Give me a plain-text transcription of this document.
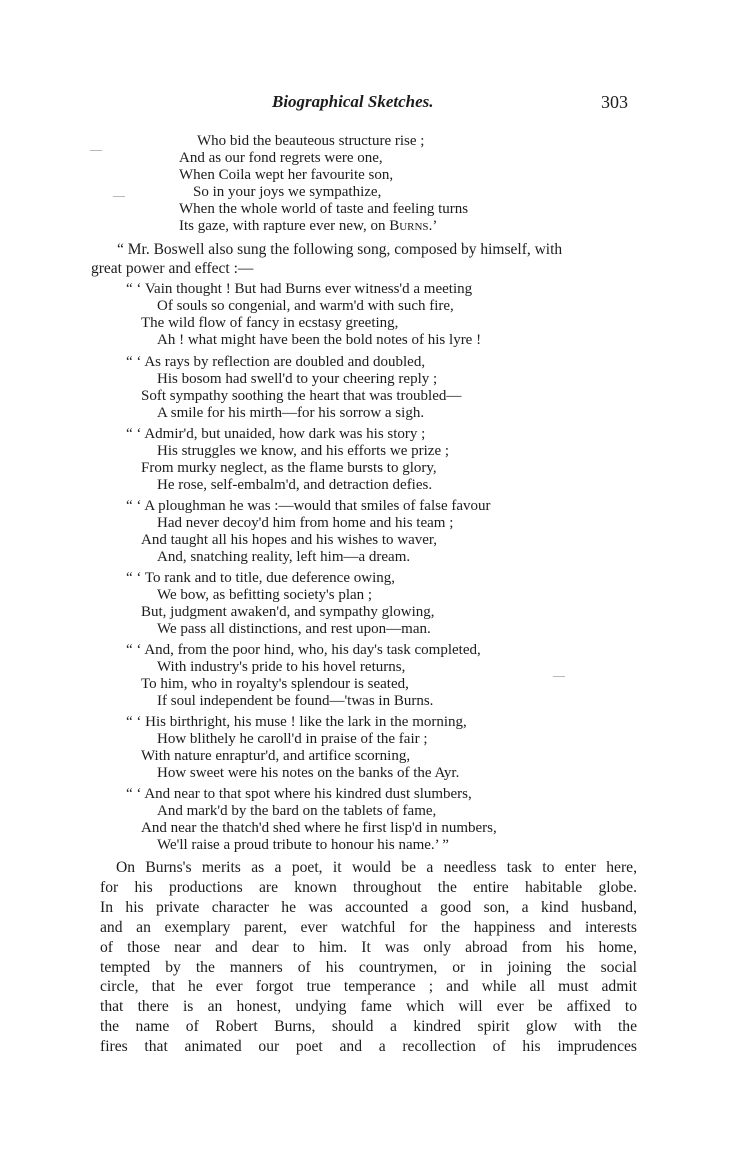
Biographical Sketches.	303
—
—
Who bid the beauteous structure rise ;
And as our fond regrets were one,
When Coila wept her favourite son,
So in your joys we sympathize,
When the whole world of taste and feeling turns
Its gaze, with rapture ever new, on Burns.’
“ Mr. Boswell also sung the following song, composed by himself, with
great power and effect :—
“ ‘ Vain thought ! But had Burns ever witness'd a meeting
Of souls so congenial, and warm'd with such fire,
The wild flow of fancy in ecstasy greeting,
Ah ! what might have been the bold notes of his lyre !
“ ‘ As rays by reflection are doubled and doubled,
His bosom had swell'd to your cheering reply ;
Soft sympathy soothing the heart that was troubled—
A smile for his mirth—for his sorrow a sigh.
“ ‘ Admir'd, but unaided, how dark was his story ;
His struggles we know, and his efforts we prize ;
From murky neglect, as the flame bursts to glory,
He rose, self-embalm'd, and detraction defies.
“ ‘ A ploughman he was :—would that smiles of false favour
Had never decoy'd him from home and his team ;
And taught all his hopes and his wishes to waver,
And, snatching reality, left him—a dream.
“ ‘ To rank and to title, due deference owing,
We bow, as befitting society's plan ;
But, judgment awaken'd, and sympathy glowing,
We pass all distinctions, and rest upon—man.
“ ‘ And, from the poor hind, who, his day's task completed,
With industry's pride to his hovel returns,
To him, who in royalty's splendour is seated,
If soul independent be found—'twas in Burns.
“ ‘ His birthright, his muse ! like the lark in the morning,
How blithely he caroll'd in praise of the fair ;
With nature enraptur'd, and artifice scorning,
How sweet were his notes on the banks of the Ayr.
“ ‘ And near to that spot where his kindred dust slumbers,
And mark'd by the bard on the tablets of fame,
And near the thatch'd shed where he first lisp'd in numbers,
We'll raise a proud tribute to honour his name.’ ”
—
On Burns's merits as a poet, it would be a needless task to enter here,
for his productions are known throughout the entire habitable globe.
In his private character he was accounted a good son, a kind husband,
and an exemplary parent, ever watchful for the happiness and interests
of those near and dear to him. It was only abroad from his home,
tempted by the manners of his countrymen, or in joining the social
circle, that he ever forgot true temperance ; and while all must admit
that there is an honest, undying fame which will ever be affixed to
the name of Robert Burns, should a kindred spirit glow with the
fires that animated our poet and a recollection of his imprudences
